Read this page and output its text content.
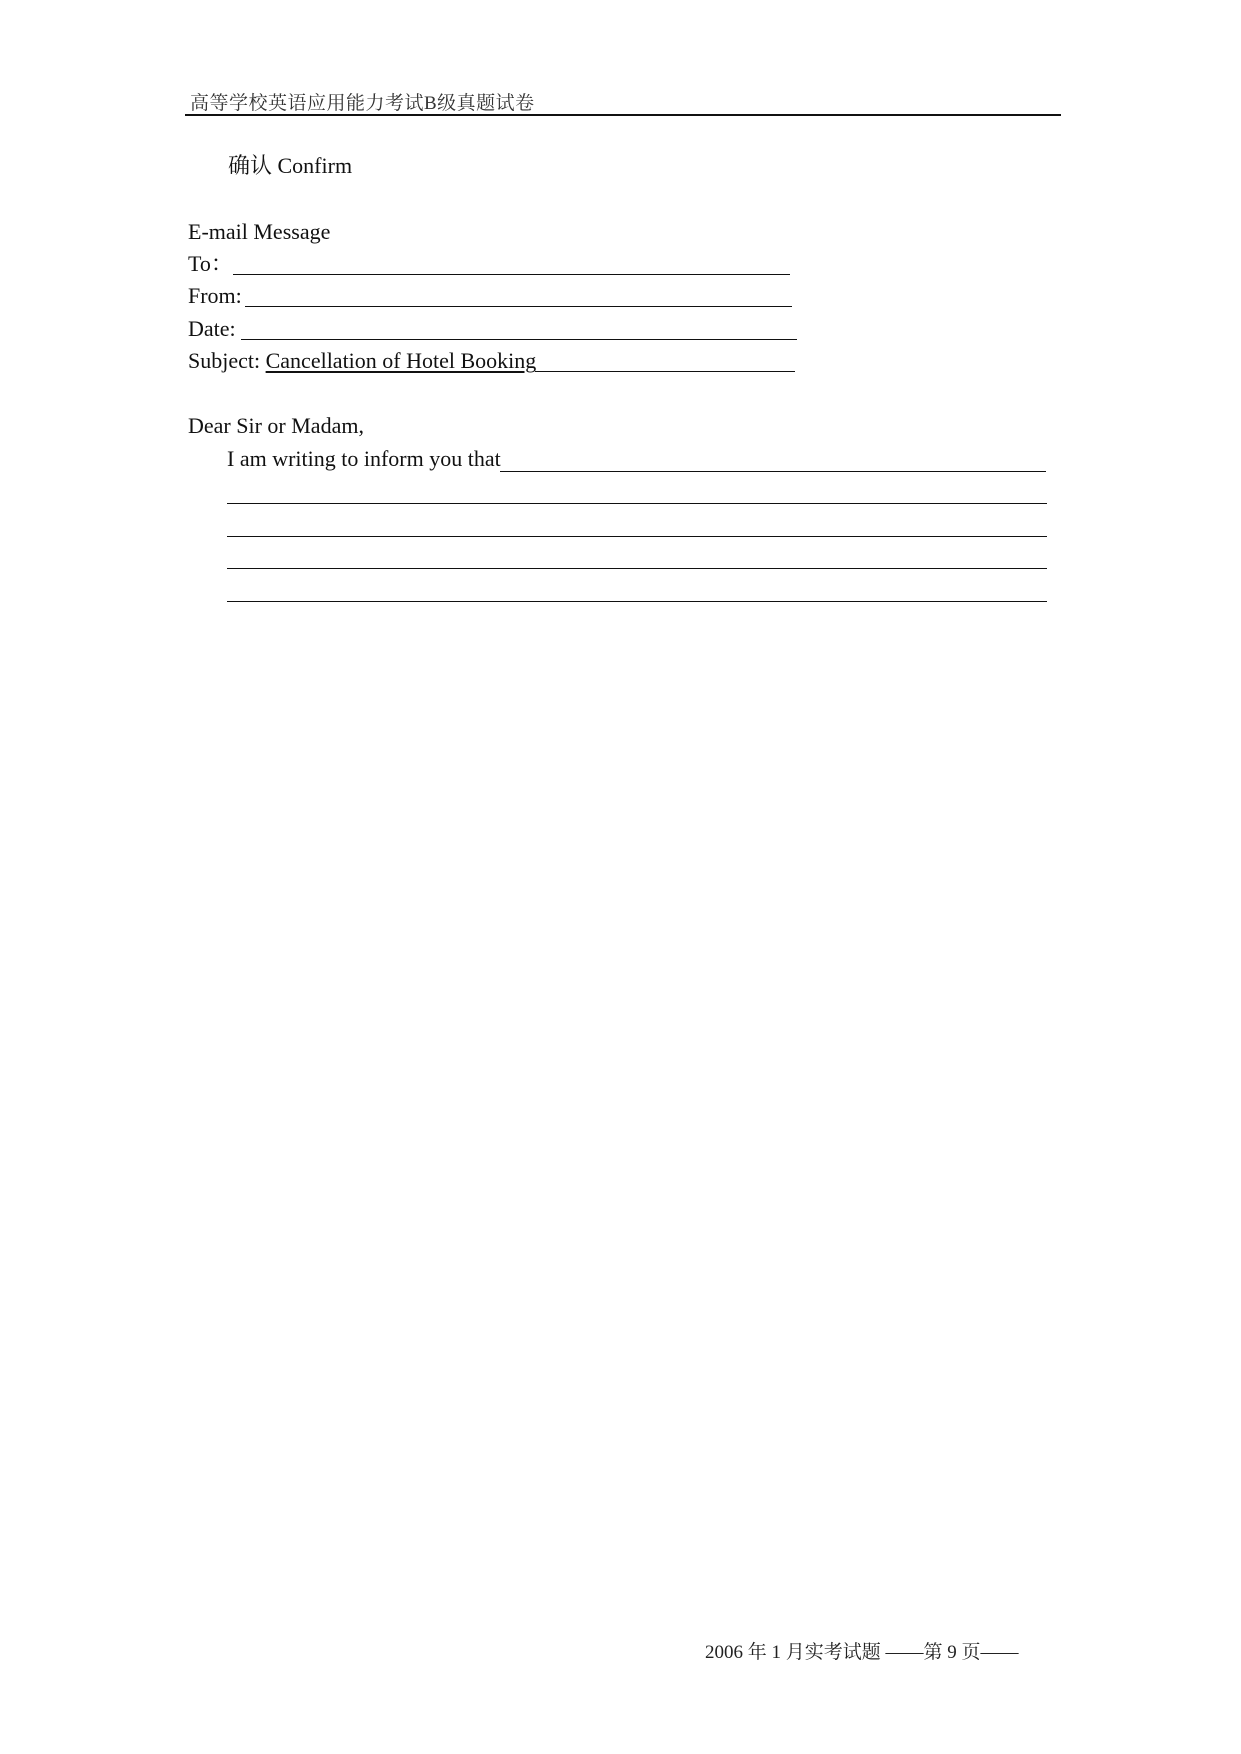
高等学校英语应用能力考试B级真题试卷
确认 Confirm
E-mail Message
To：
From:
Date:
Subject: Cancellation of Hotel Booking
Dear Sir or Madam,
I am writing to inform you that
2006 年 1 月实考试题 ——第 9 页——
